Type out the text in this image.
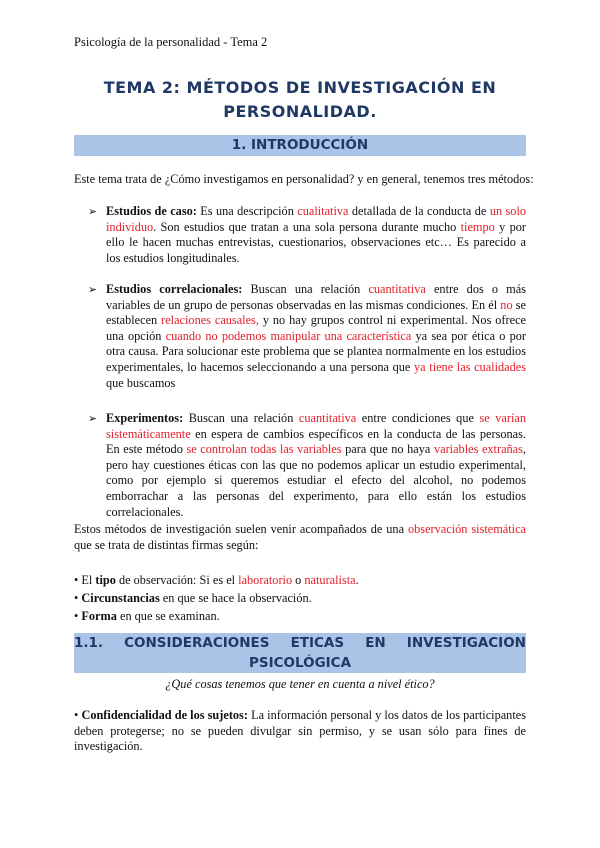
Psicología de la personalidad - Tema 2
TEMA 2: MÉTODOS DE INVESTIGACIÓN EN
PERSONALIDAD.
1. INTRODUCCIÓN
Este tema trata de ¿Cómo investigamos en personalidad? y en general, tenemos tres métodos:
➢ Estudios de caso: Es una descripción cualitativa detallada de la conducta de un solo individuo. Son estudios que tratan a una sola persona durante mucho tiempo y por ello le hacen muchas entrevistas, cuestionarios, observaciones etc… Es parecido a los estudios longitudinales.
➢ Estudios correlacionales: Buscan una relación cuantitativa entre dos o más variables de un grupo de personas observadas en las mismas condiciones. En él no se establecen relaciones causales, y no hay grupos control ni experimental. Nos ofrece una opción cuando no podemos manipular una característica ya sea por ética o por otra causa. Para solucionar este problema que se plantea normalmente en los estudios experimentales, lo hacemos seleccionando a una persona que ya tiene las cualidades que buscamos
➢ Experimentos: Buscan una relación cuantitativa entre condiciones que se varían sistemáticamente en espera de cambios específicos en la conducta de las personas. En este método se controlan todas las variables para que no haya variables extrañas, pero hay cuestiones éticas con las que no podemos aplicar un estudio experimental, como por ejemplo si queremos estudiar el efecto del alcohol, no podemos emborrachar a las personas del experimento, para ello están los estudios correlacionales.
Estos métodos de investigación suelen venir acompañados de una observación sistemática que se trata de distintas firmas según:
• El tipo de observación: Si es el laboratorio o naturalista.
• Circunstancias en que se hace la observación.
• Forma en que se examinan.
1.1. CONSIDERACIONES ETICAS EN INVESTIGACION
PSICOLÓGICA
¿Qué cosas tenemos que tener en cuenta a nivel ético?
• Confidencialidad de los sujetos: La información personal y los datos de los participantes deben protegerse; no se pueden divulgar sin permiso, y se usan sólo para fines de investigación.
